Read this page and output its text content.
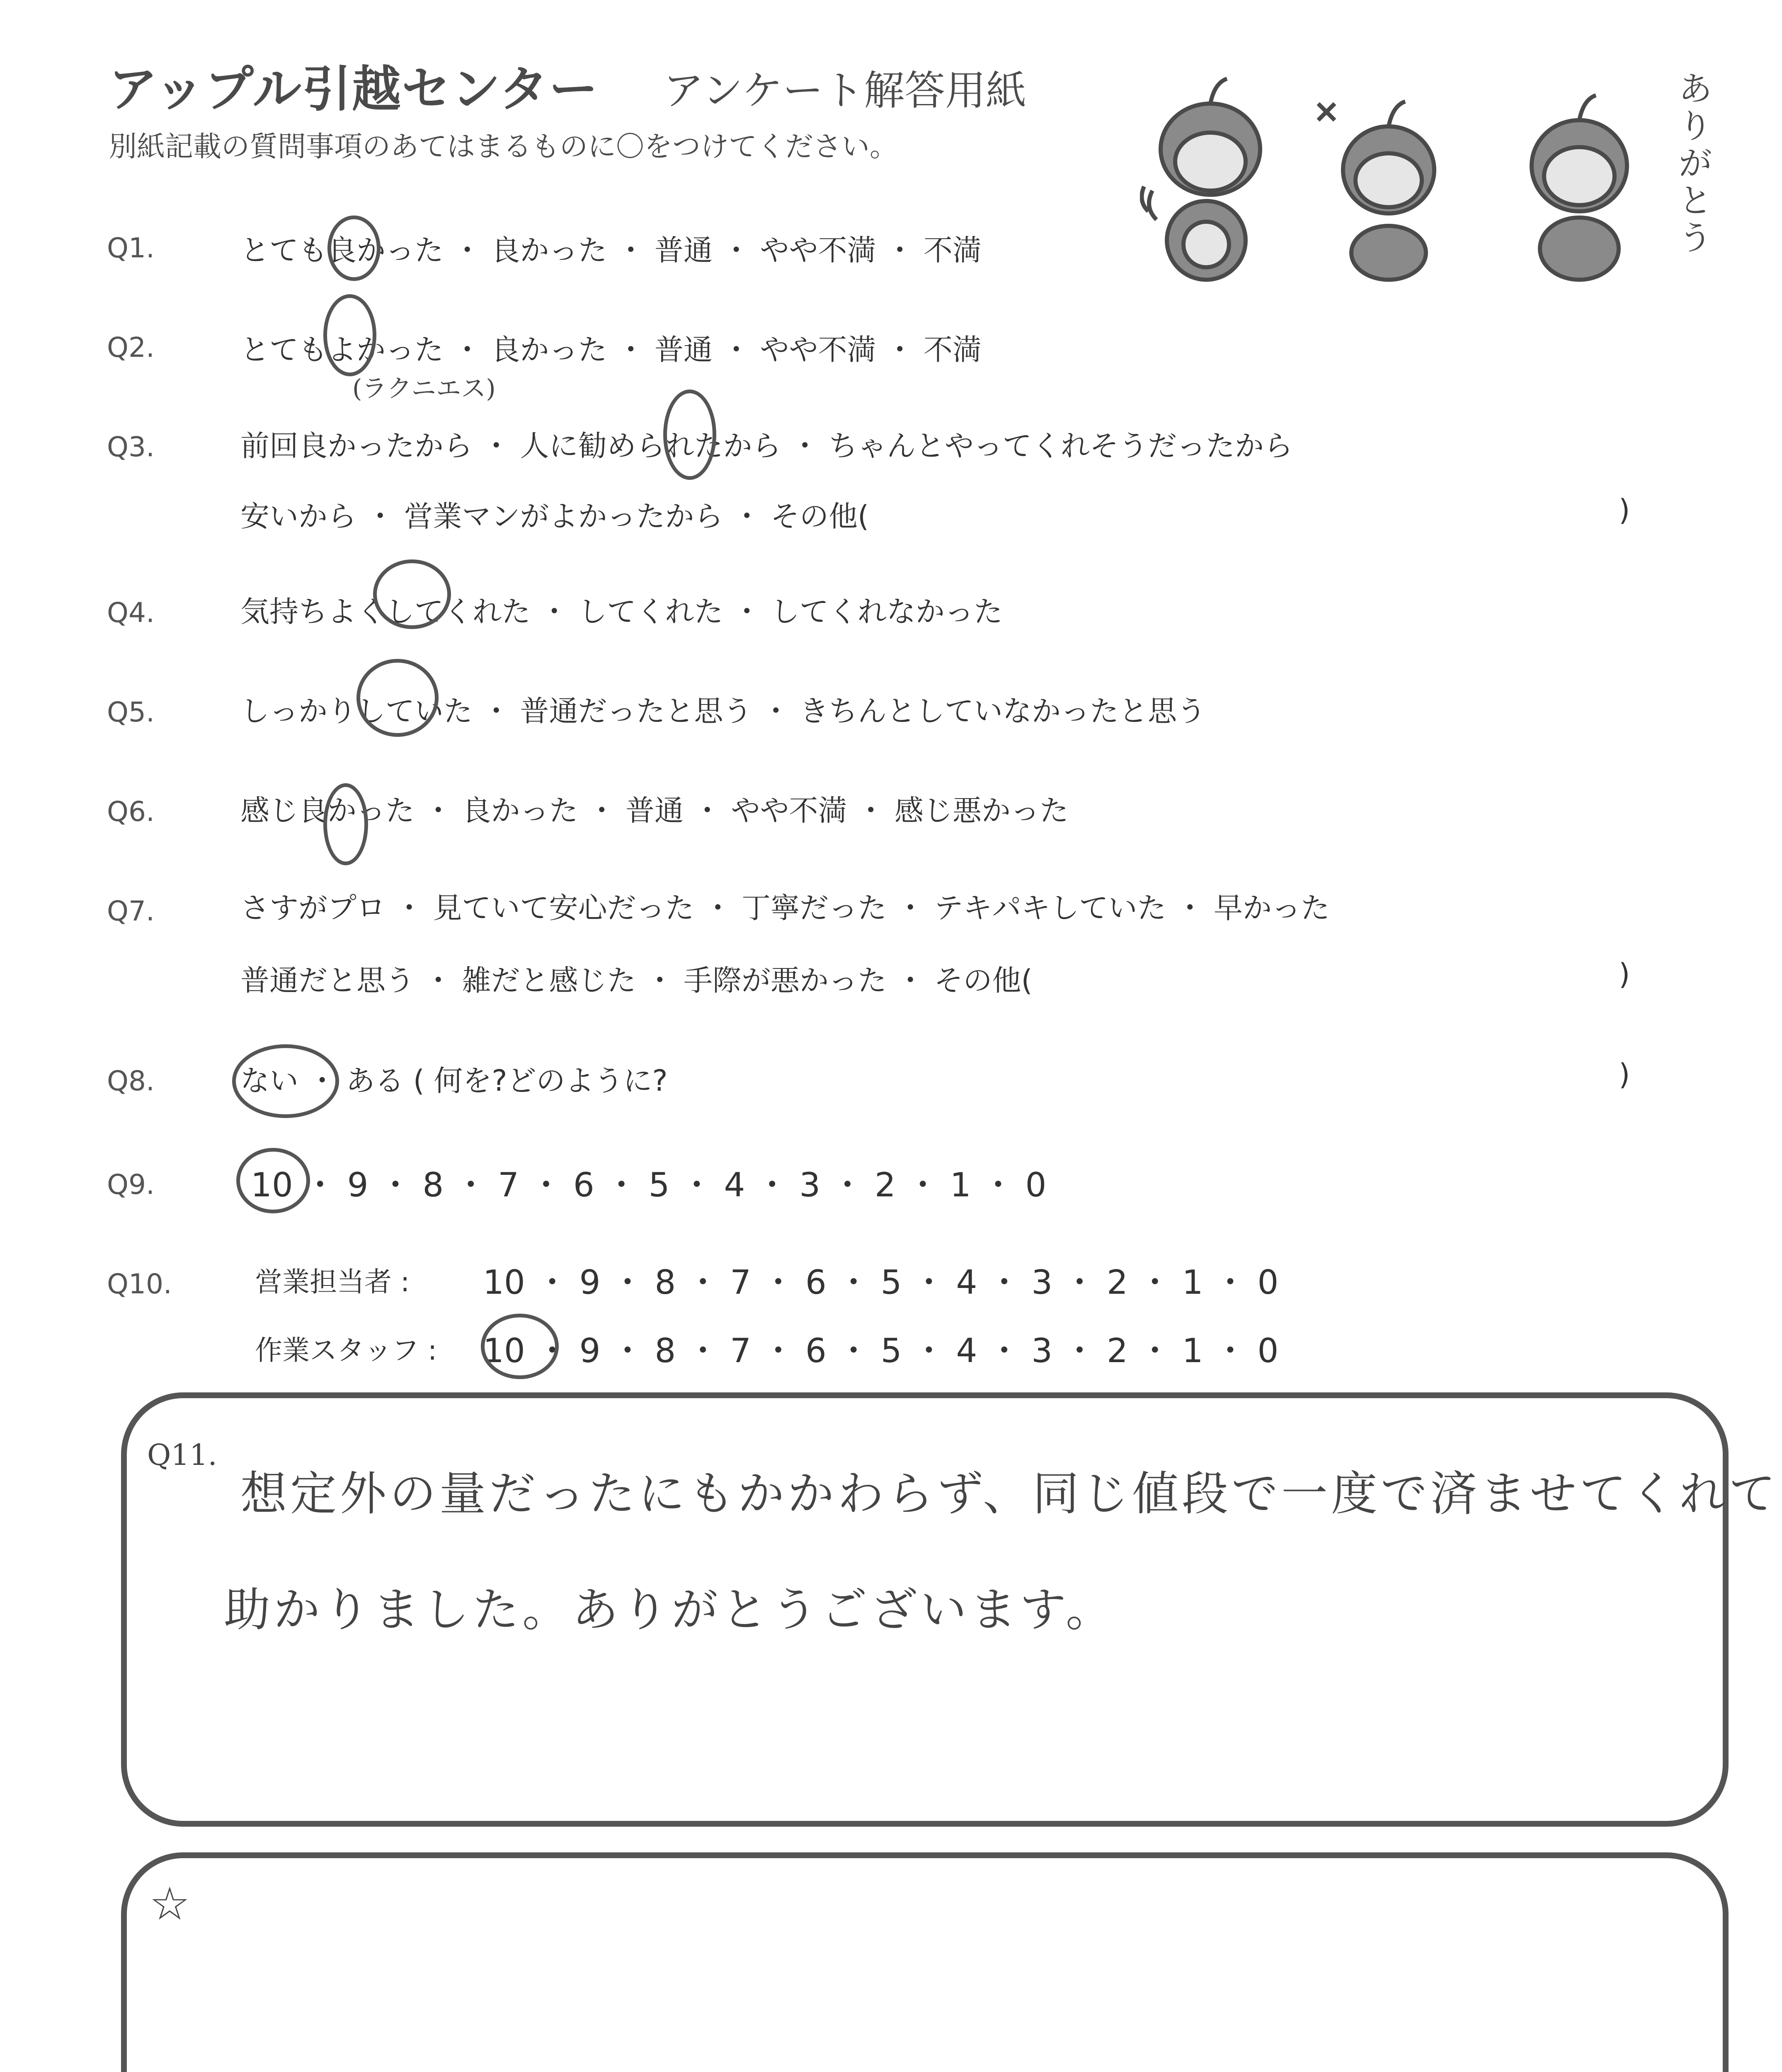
アップル引越センター アンケート解答用紙
別紙記載の質問事項のあてはまるものに〇をつけてください。
ありがとう
Q1.	とても良かった ・ 良かった ・ 普通 ・ やや不満 ・ 不満
Q2.	とてもよかった ・ 良かった ・ 普通 ・ やや不満 ・ 不満
(ラクニエス)
Q3.	前回良かったから ・ 人に勧められたから ・ ちゃんとやってくれそうだったから
安いから ・ 営業マンがよかったから ・ その他(	)
Q4.	気持ちよくしてくれた ・ してくれた ・ してくれなかった
Q5.	しっかりしていた ・ 普通だったと思う ・ きちんとしていなかったと思う
Q6.	感じ良かった ・ 良かった ・ 普通 ・ やや不満 ・ 感じ悪かった
Q7.	さすがプロ ・ 見ていて安心だった ・ 丁寧だった ・ テキパキしていた ・ 早かった
普通だと思う ・ 雑だと感じた ・ 手際が悪かった ・ その他(	)
Q8.	ない ・ ある ( 何を?どのように?	)
Q9.	10 ・ 9 ・ 8 ・ 7 ・ 6 ・ 5 ・ 4 ・ 3 ・ 2 ・ 1 ・ 0
Q10.	営業担当者 : 10 ・ 9 ・ 8 ・ 7 ・ 6 ・ 5 ・ 4 ・ 3 ・ 2 ・ 1 ・ 0
作業スタッフ : 10 ・ 9 ・ 8 ・ 7 ・ 6 ・ 5 ・ 4 ・ 3 ・ 2 ・ 1 ・ 0
Q11.
想定外の量だったにもかかわらず、同じ値段で一度で済ませてくれて
助かりました。ありがとうございます。
☆
